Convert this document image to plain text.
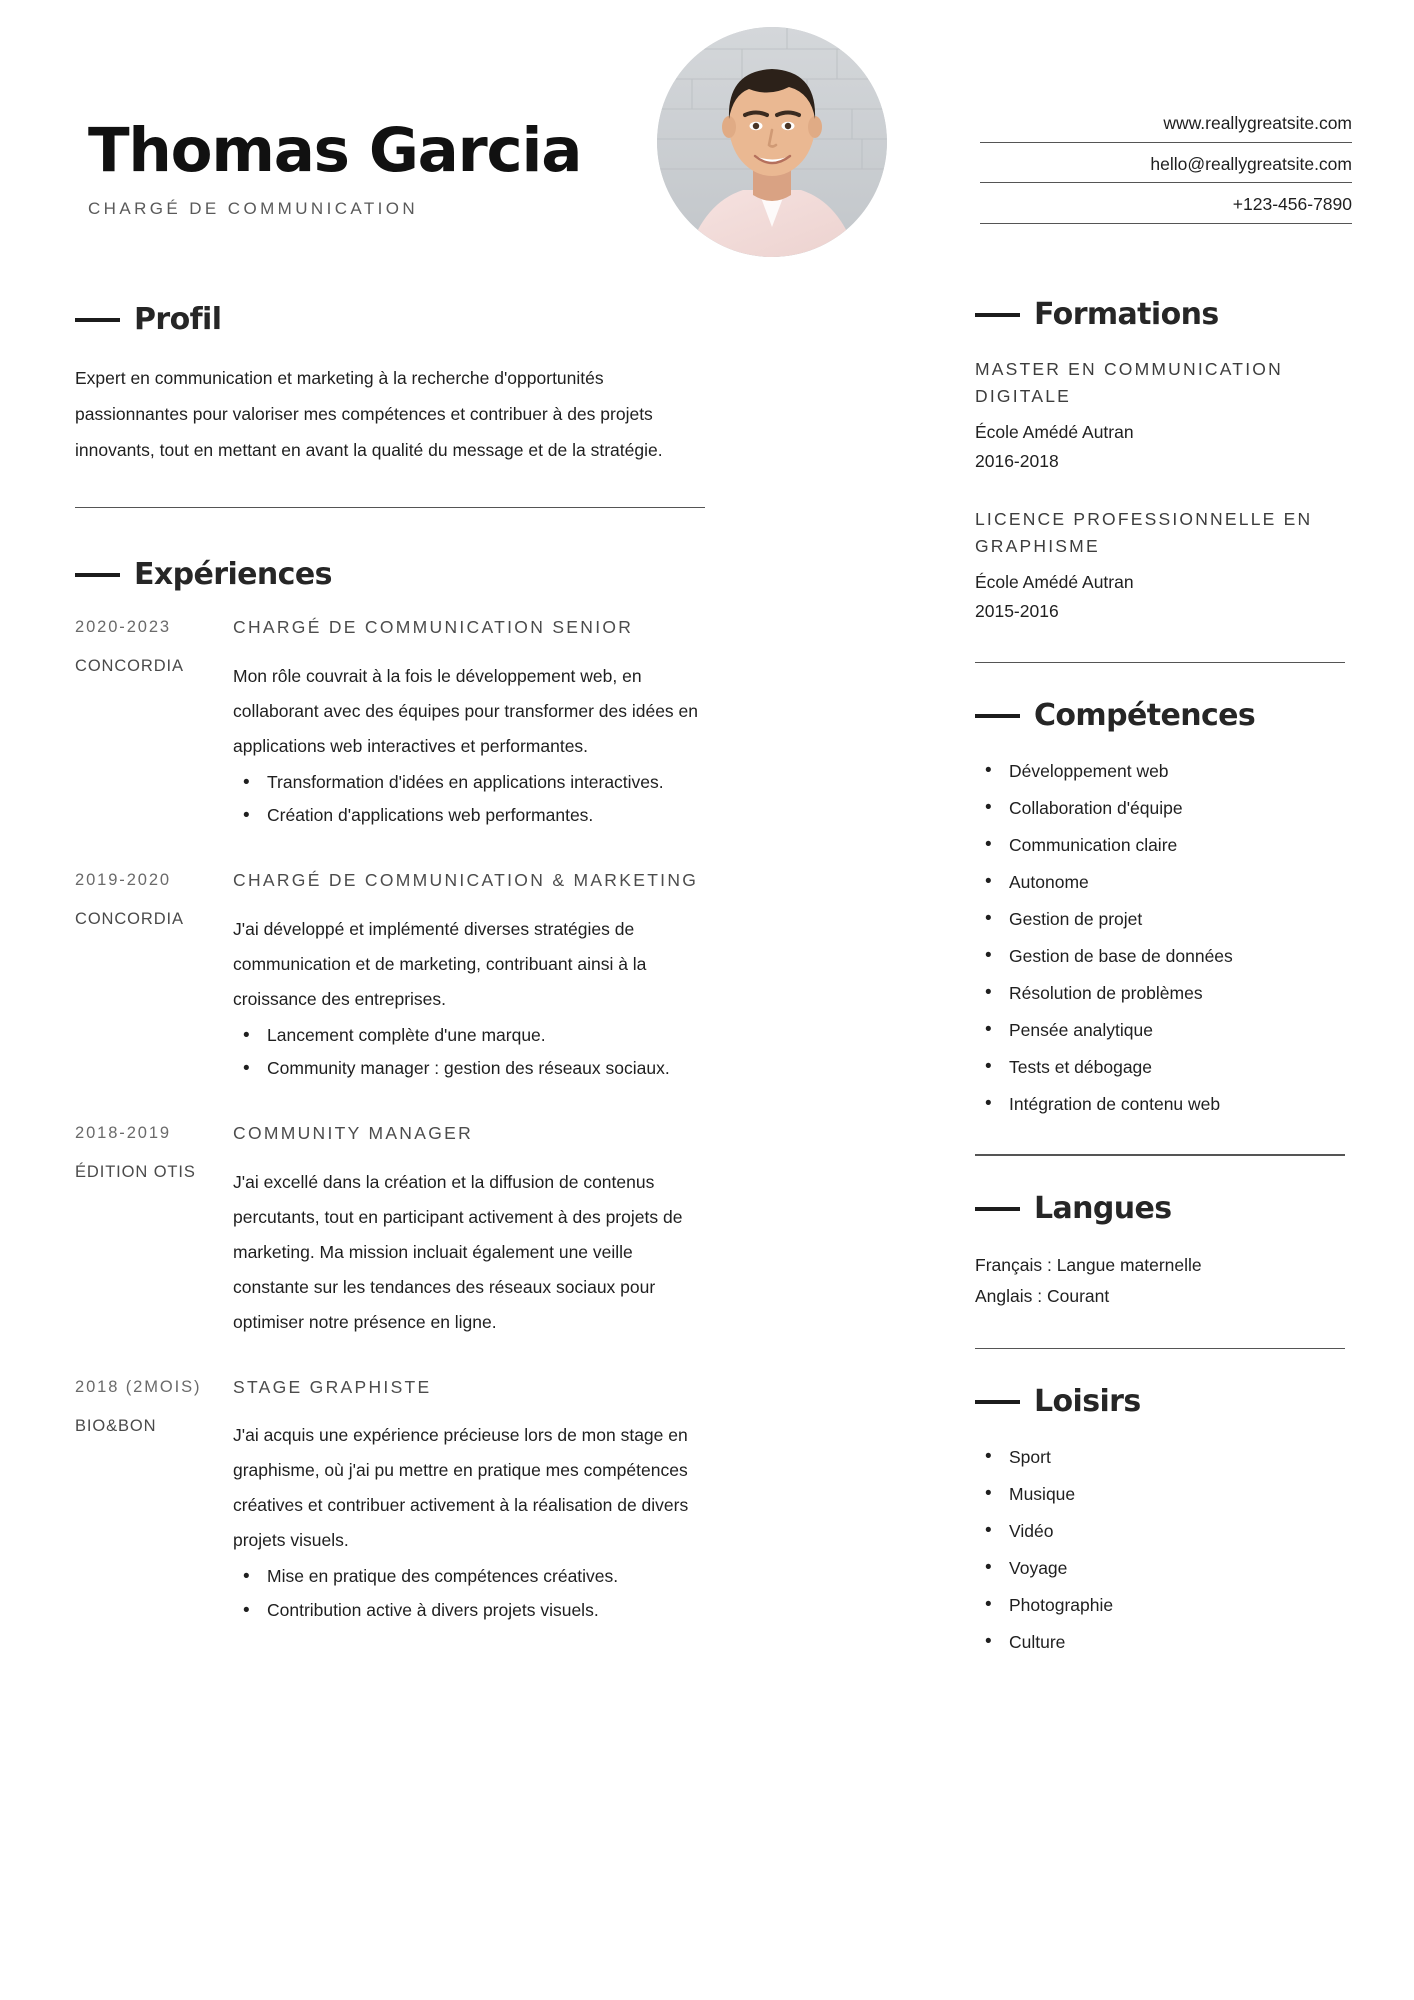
Thomas Garcia
CHARGÉ DE COMMUNICATION
www.reallygreatsite.com
hello@reallygreatsite.com
+123-456-7890
Profil

Expert en communication et marketing à la recherche d'opportunités passionnantes pour valoriser mes compétences et contribuer à des projets innovants, tout en mettant en avant la qualité du message et de la stratégie.

Expériences
2020-2023
CONCORDIA
CHARGÉ DE COMMUNICATION SENIOR
Mon rôle couvrait à la fois le développement web, en collaborant avec des équipes pour transformer des idées en applications web interactives et performantes.
• Transformation d'idées en applications interactives.
• Création d'applications web performantes.
2019-2020
CONCORDIA
CHARGÉ DE COMMUNICATION & MARKETING
J'ai développé et implémenté diverses stratégies de communication et de marketing, contribuant ainsi à la croissance des entreprises.
• Lancement complète d'une marque.
• Community manager : gestion des réseaux sociaux.
2018-2019
ÉDITION OTIS
COMMUNITY MANAGER
J'ai excellé dans la création et la diffusion de contenus percutants, tout en participant activement à des projets de marketing. Ma mission incluait également une veille constante sur les tendances des réseaux sociaux pour optimiser notre présence en ligne.
2018 (2MOIS)
BIO&BON
STAGE GRAPHISTE
J'ai acquis une expérience précieuse lors de mon stage en graphisme, où j'ai pu mettre en pratique mes compétences créatives et contribuer activement à la réalisation de divers projets visuels.
• Mise en pratique des compétences créatives.
• Contribution active à divers projets visuels.
Formations
MASTER EN COMMUNICATION DIGITALE
École Amédé Autran
2016-2018
LICENCE PROFESSIONNELLE EN GRAPHISME
École Amédé Autran
2015-2016
Compétences
• Développement web
• Collaboration d'équipe
• Communication claire
• Autonome
• Gestion de projet
• Gestion de base de données
• Résolution de problèmes
• Pensée analytique
• Tests et débogage
• Intégration de contenu web
Langues
Français : Langue maternelle
Anglais : Courant
Loisirs
• Sport
• Musique
• Vidéo
• Voyage
• Photographie
• Culture
